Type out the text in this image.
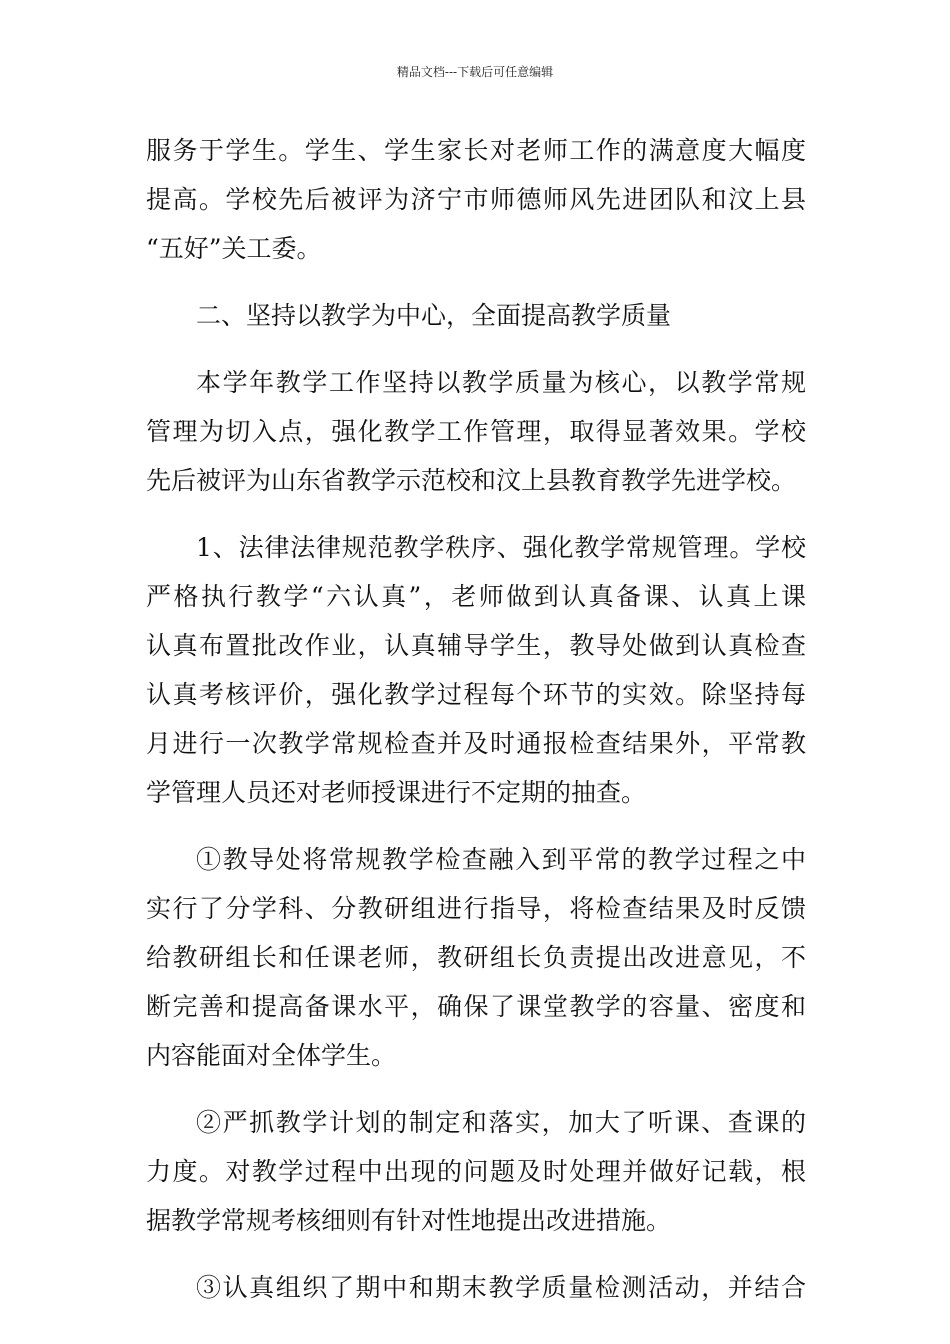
精品文档---下载后可任意编辑
服务于学生。学生、学生家长对老师工作的满意度大幅度
提高。学校先后被评为济宁市师德师风先进团队和汶上县
“五好”关工委。
二、坚持以教学为中心，全面提高教学质量
本学年教学工作坚持以教学质量为核心，以教学常规
管理为切入点，强化教学工作管理，取得显著效果。学校
先后被评为山东省教学示范校和汶上县教育教学先进学校。
1、法律法律规范教学秩序、强化教学常规管理。学校
严格执行教学“六认真”，老师做到认真备课、认真上课
认真布置批改作业，认真辅导学生，教导处做到认真检查
认真考核评价，强化教学过程每个环节的实效。除坚持每
月进行一次教学常规检查并及时通报检查结果外，平常教
学管理人员还对老师授课进行不定期的抽查。
①教导处将常规教学检查融入到平常的教学过程之中
实行了分学科、分教研组进行指导，将检查结果及时反馈
给教研组长和任课老师，教研组长负责提出改进意见，不
断完善和提高备课水平，确保了课堂教学的容量、密度和
内容能面对全体学生。
②严抓教学计划的制定和落实，加大了听课、查课的
力度。对教学过程中出现的问题及时处理并做好记载，根
据教学常规考核细则有针对性地提出改进措施。
③认真组织了期中和期末教学质量检测活动，并结合
